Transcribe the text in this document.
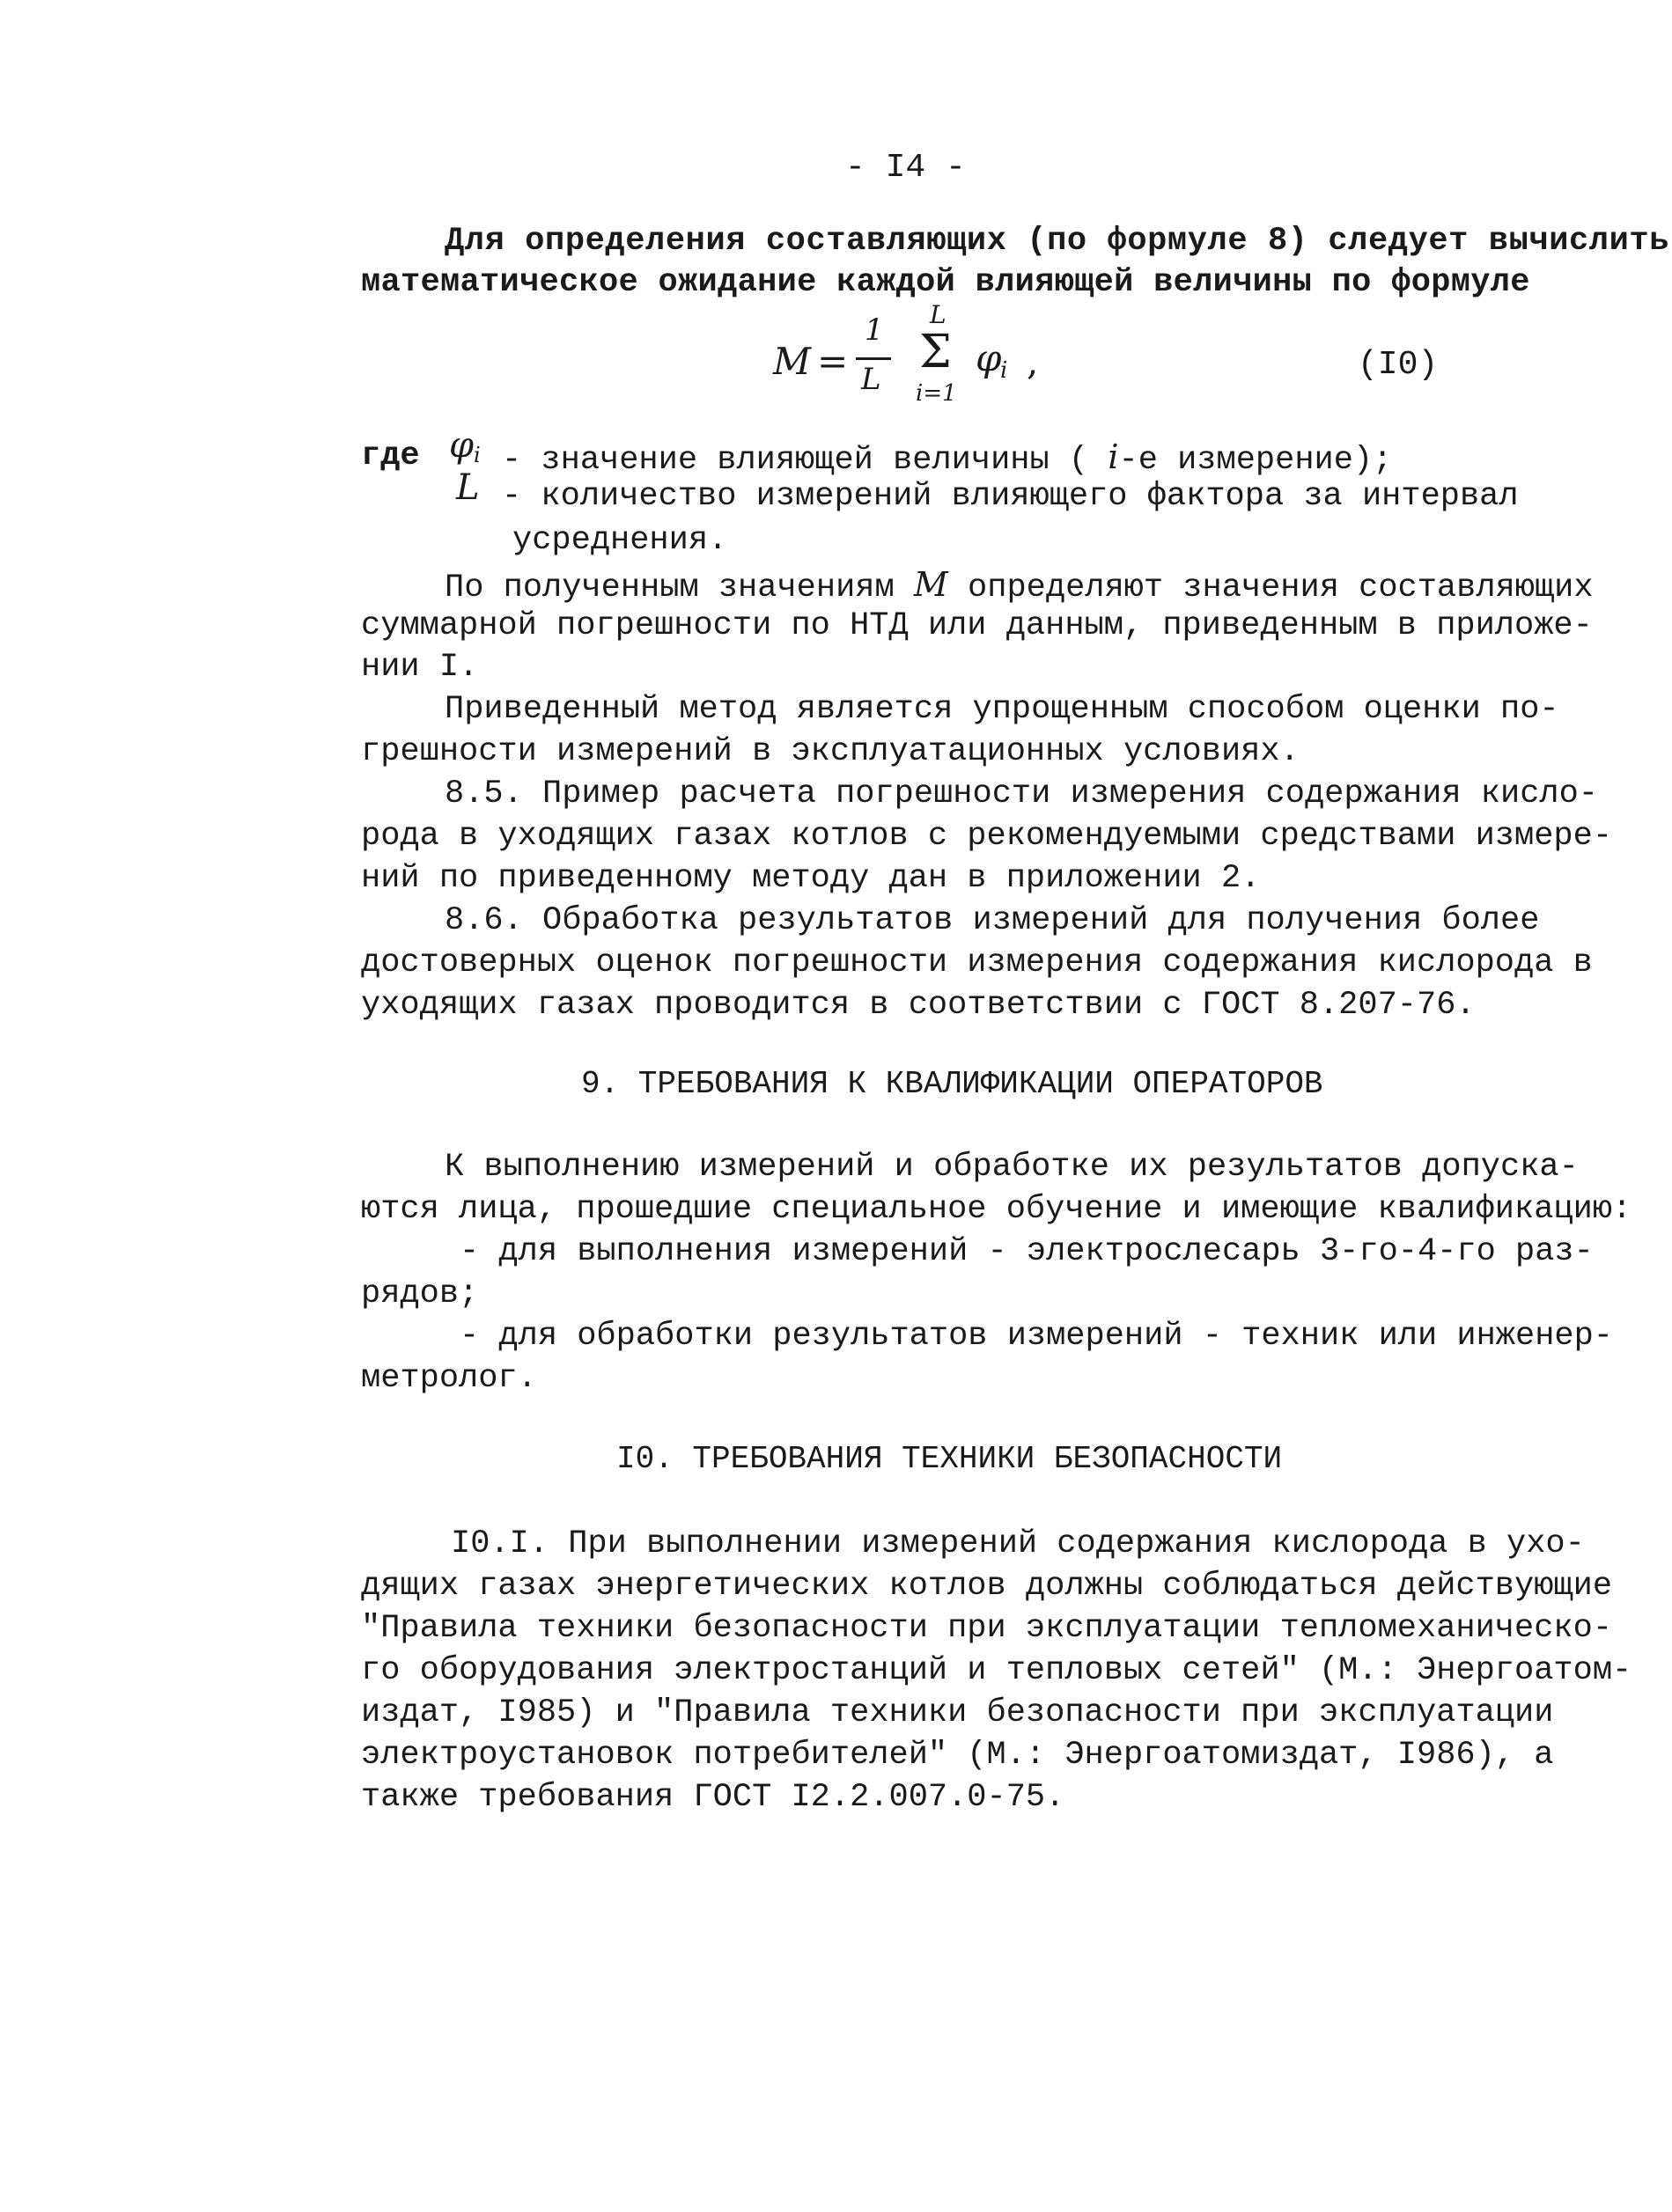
- I4 -
Для определения составляющих (по формуле 8) следует вычислить
математическое ожидание каждой влияющей величины по формуле
M =
1
L
L
Σ
i=1
φ
i ,	(I0)
где $\varphi_i$ - значение влияющей величины ( i-е измерение);
L - количество измерений влияющего фактора за интервал
усреднения.
По полученным значениям M определяют значения составляющих
суммарной погрешности по НТД или данным, приведенным в приложе-
нии I.
Приведенный метод является упрощенным способом оценки по-
грешности измерений в эксплуатационных условиях.
8.5. Пример расчета погрешности измерения содержания кисло-
рода в уходящих газах котлов с рекомендуемыми средствами измере-
ний по приведенному методу дан в приложении 2.
8.6. Обработка результатов измерений для получения более
достоверных оценок погрешности измерения содержания кислорода в
уходящих газах проводится в соответствии с ГОСТ 8.207-76.
9. ТРЕБОВАНИЯ К КВАЛИФИКАЦИИ ОПЕРАТОРОВ
К выполнению измерений и обработке их результатов допуска-
ются лица, прошедшие специальное обучение и имеющие квалификацию:
- для выполнения измерений - электрослесарь 3-го-4-го раз-
рядов;
- для обработки результатов измерений - техник или инженер-
метролог.
I0. ТРЕБОВАНИЯ ТЕХНИКИ БЕЗОПАСНОСТИ
I0.I. При выполнении измерений содержания кислорода в ухо-
дящих газах энергетических котлов должны соблюдаться действующие
"Правила техники безопасности при эксплуатации тепломеханическо-
го оборудования электростанций и тепловых сетей" (М.: Энергоатом-
издат, I985) и "Правила техники безопасности при эксплуатации
электроустановок потребителей" (М.: Энергоатомиздат, I986), а
также требования ГОСТ I2.2.007.0-75.
